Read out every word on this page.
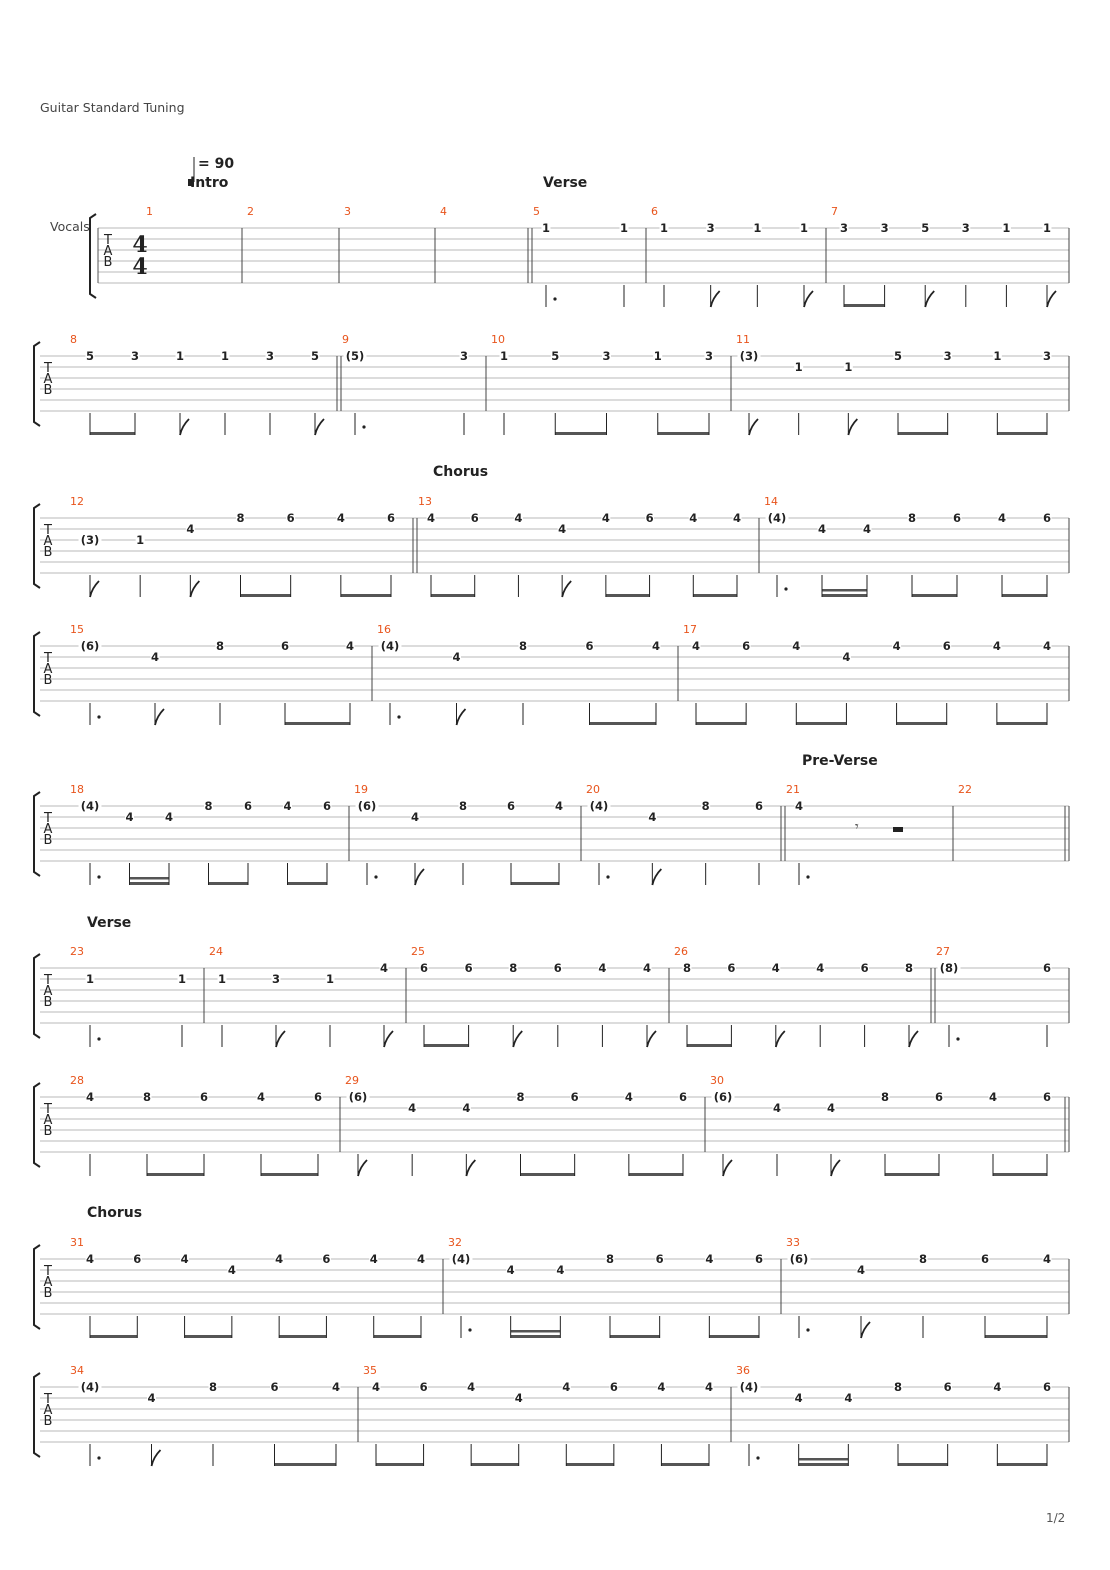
Guitar Standard Tuning
= 90
Intro	Verse
Chorus
Pre-Verse
Verse
Chorus
Vocals
T
A
B
4
4
1	2	3	4	5
1	1
6
1	3	1	1
7
3	3	5	3	1	1
T
A
B
8
5	3	1	1	3	5
9
(5)	3
10
1	5	3	1	3
11
(3)
1	1
5	3	1	3
T
A
B
12
(3)	1
4
8	6	4	6
13
4	6	4
4
4	6	4	4
14
(4)
4	4
8	6	4	6
T
A
B
15
(6)
4
8	6	4
16
(4)
4
8	6	4
17
4	6	4
4
4	6	4	4
T
A
B
18
(4)
4	4
8	6	4	6
19
(6)
4
8	6	4
20
(4)
4
8	6
21
𝄾
4
22
T
A
B
23
1	1
24
1	3	1
4
25
6	6	8	6	4	4
26
8	6	4	4	6	8
27
(8)	6
T
A
B
28
4	8	6	4	6
29
(6)
4	4
8	6	4	6
30
(6)
4	4
8	6	4	6
T
A
B
31
4	6	4
4
4	6	4	4
32
(4)
4	4
8	6	4	6
33
(6)
4
8	6	4
T
A
B
34
(4)
4
8	6	4
35
4	6	4
4
4	6	4	4
36
(4)
4	4
8	6	4	6
1/2
